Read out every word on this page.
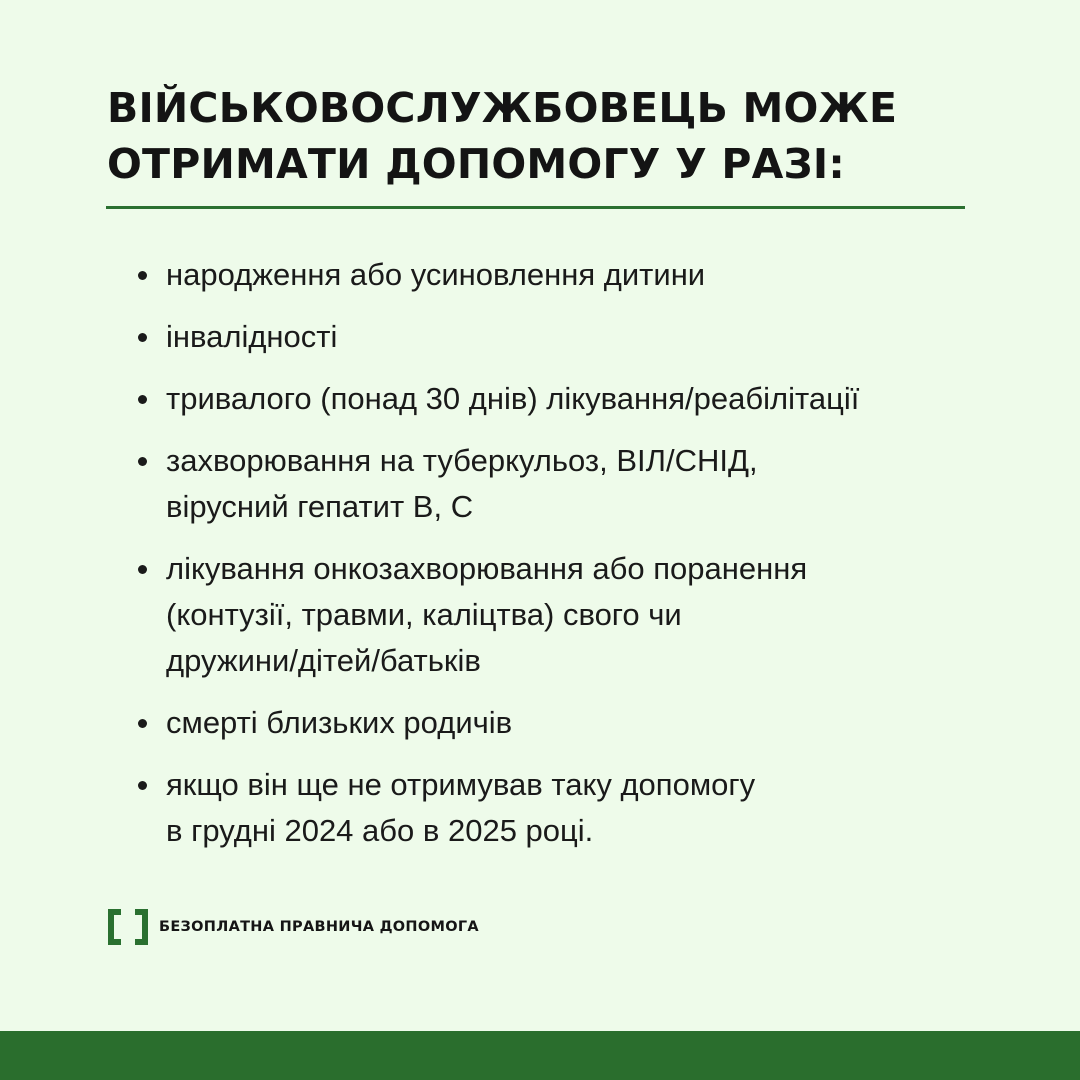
ВІЙСЬКОВОСЛУЖБОВЕЦЬ МОЖЕ
ОТРИМАТИ ДОПОМОГУ У РАЗІ:
народження або усиновлення дитини
інвалідності
тривалого (понад 30 днів) лікування/реабілітації
захворювання на туберкульоз, ВІЛ/СНІД,
вірусний гепатит В, С
лікування онкозахворювання або поранення
(контузії, травми, каліцтва) свого чи
дружини/дітей/батьків
смерті близьких родичів
якщо він ще не отримував таку допомогу
в грудні 2024 або в 2025 році.
БЕЗОПЛАТНА ПРАВНИЧА ДОПОМОГА
